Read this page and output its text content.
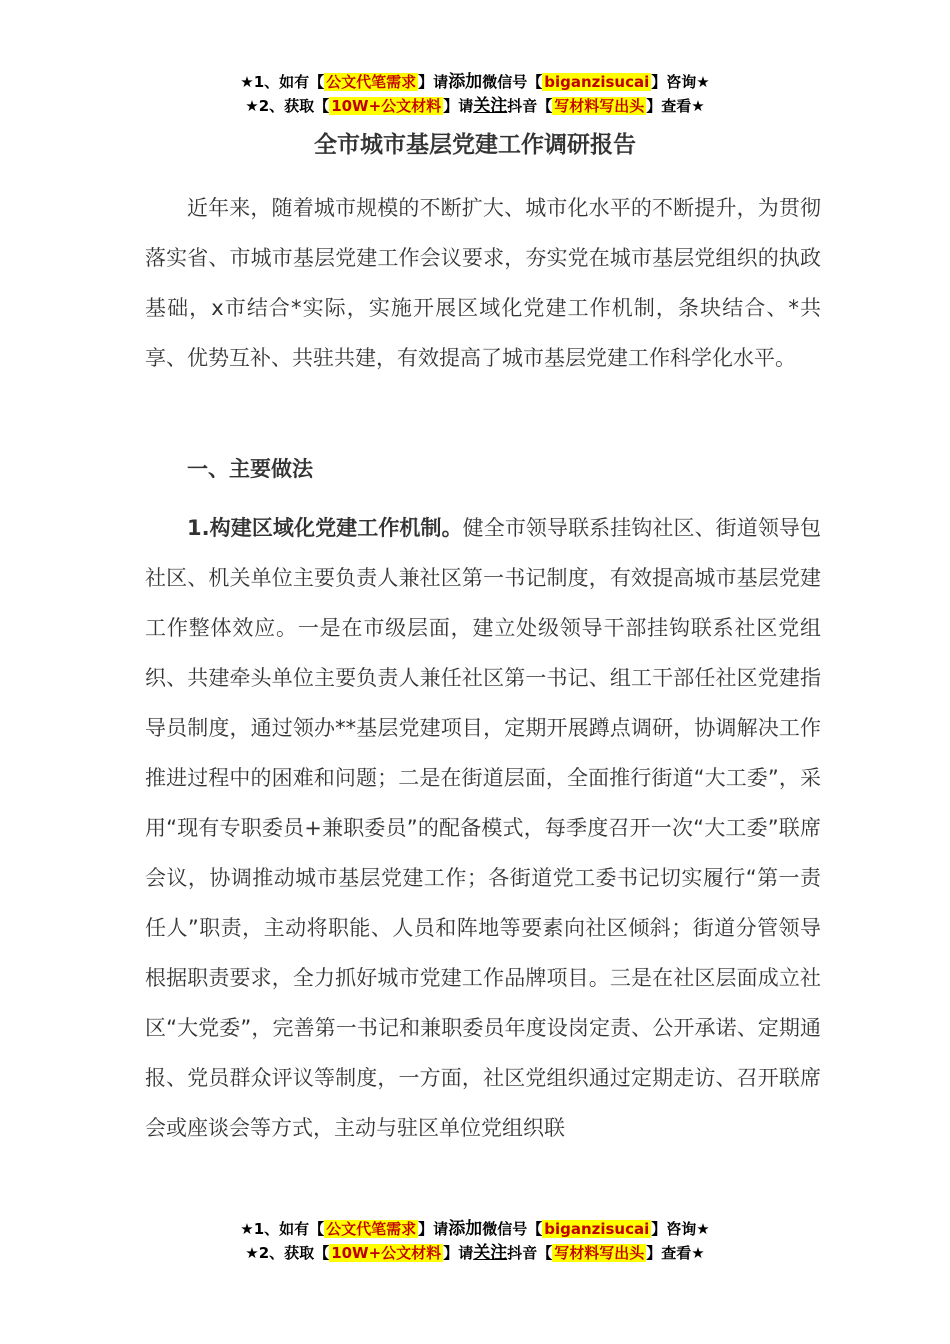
★1、如有【 公文代笔需求 】请添加微信号【 biganzisucai 】咨询★
★2、获取【 10W+公文材料 】请关注抖音【 写材料写出头 】查看★
全市城市基层党建工作调研报告

近年来，随着城市规模的不断扩大、城市化水平的不断提升，为贯彻落实省、市城市基层党建工作会议要求，夯实党在城市基层党组织的执政基础，x市结合*实际，实施开展区域化党建工作机制，条块结合、*共享、优势互补、共驻共建，有效提高了城市基层党建工作科学化水平。

一、主要做法

1.构建区域化党建工作机制。健全市领导联系挂钩社区、街道领导包社区、机关单位主要负责人兼社区第一书记制度，有效提高城市基层党建工作整体效应。一是在市级层面，建立处级领导干部挂钩联系社区党组织、共建牵头单位主要负责人兼任社区第一书记、组工干部任社区党建指导员制度，通过领办**基层党建项目，定期开展蹲点调研，协调解决工作推进过程中的困难和问题；二是在街道层面，全面推行街道“大工委”，采用“现有专职委员+兼职委员”的配备模式，每季度召开一次“大工委”联席会议，协调推动城市基层党建工作；各街道党工委书记切实履行“第一责任人”职责，主动将职能、人员和阵地等要素向社区倾斜；街道分管领导根据职责要求，全力抓好城市党建工作品牌项目。三是在社区层面成立社区“大党委”，完善第一书记和兼职委员年度设岗定责、公开承诺、定期通报、党员群众评议等制度，一方面，社区党组织通过定期走访、召开联席会或座谈会等方式，主动与驻区单位党组织联

★1、如有【 公文代笔需求 】请添加微信号【 biganzisucai 】咨询★
★2、获取【 10W+公文材料 】请关注抖音【 写材料写出头 】查看★
